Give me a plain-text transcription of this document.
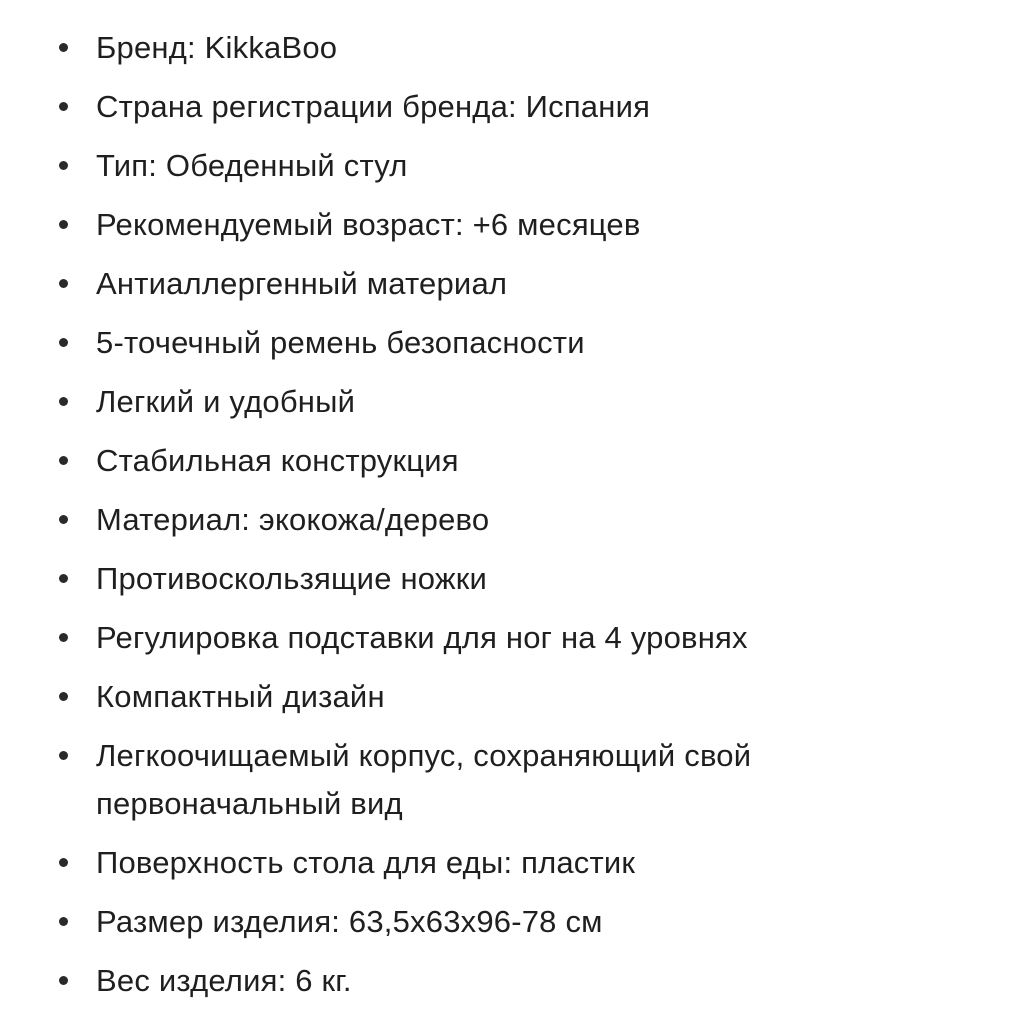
Бренд: KikkaBoo
Страна регистрации бренда: Испания
Тип: Обеденный стул
Рекомендуемый возраст: +6 месяцев
Антиаллергенный материал
5-точечный ремень безопасности
Легкий и удобный
Стабильная конструкция
Материал: экокожа/дерево
Противоскользящие ножки
Регулировка подставки для ног на 4 уровнях
Компактный дизайн
Легкоочищаемый корпус, сохраняющий свой
первоначальный вид
Поверхность стола для еды: пластик
Размер изделия: 63,5x63x96-78 см
Вес изделия: 6 кг.
